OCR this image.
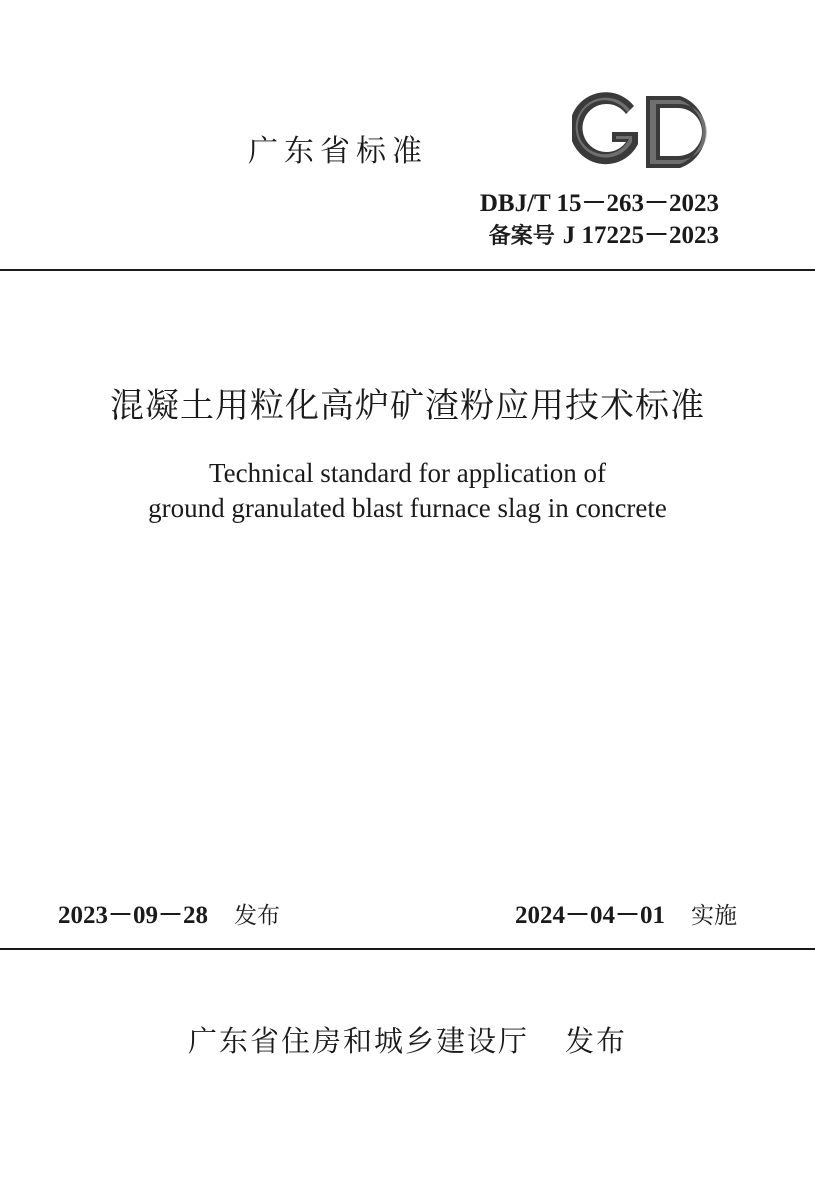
广东省标准
DBJ/T 15－263－2023
备案号 J 17225－2023
混凝土用粒化高炉矿渣粉应用技术标准
Technical standard for application of
ground granulated blast furnace slag in concrete
2023－09－28 发布	2024－04－01 实施
广东省住房和城乡建设厅 发布
